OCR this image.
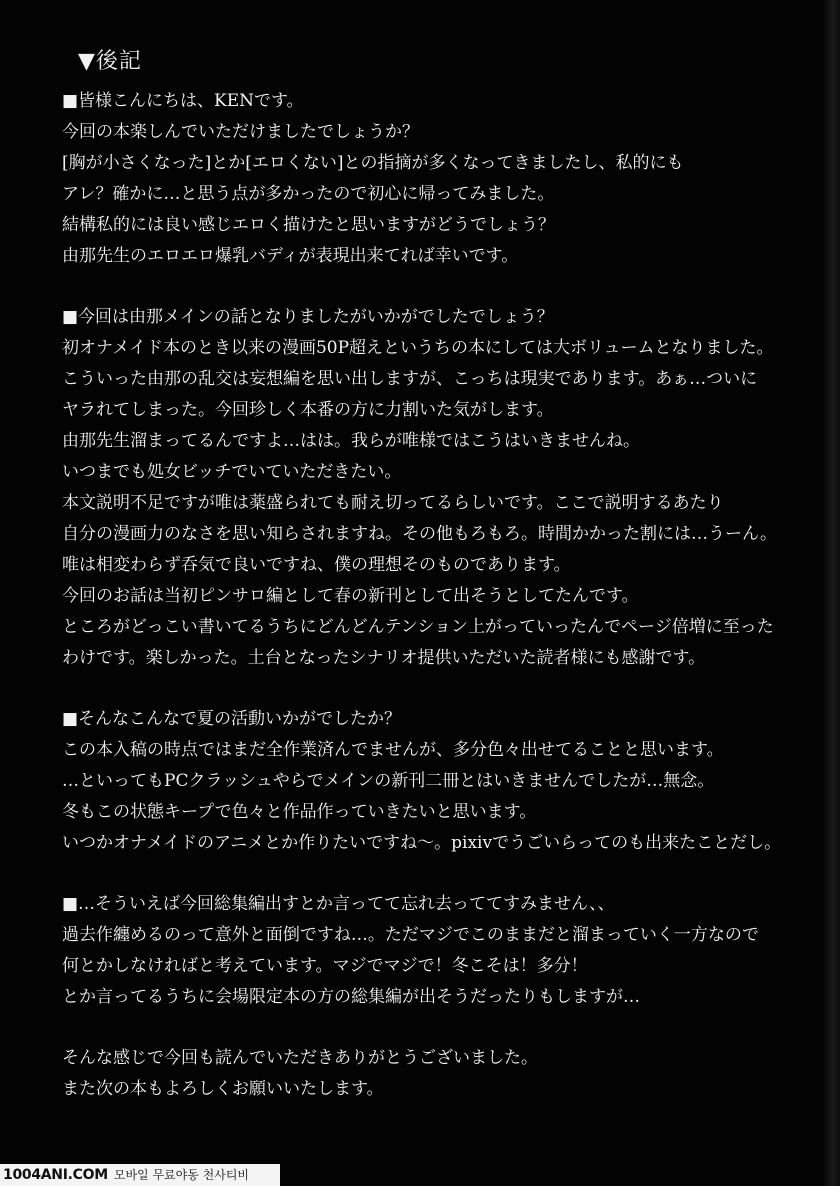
▼後記
■皆様こんにちは、KENです。
今回の本楽しんでいただけましたでしょうか？
[胸が小さくなった]とか[エロくない]との指摘が多くなってきましたし、私的にも
アレ？確かに…と思う点が多かったので初心に帰ってみました。
結構私的には良い感じエロく描けたと思いますがどうでしょう？
由那先生のエロエロ爆乳バディが表現出来てれば幸いです。
■今回は由那メインの話となりましたがいかがでしたでしょう？
初オナメイド本のとき以来の漫画50P超えというちの本にしては大ボリュームとなりました。
こういった由那の乱交は妄想編を思い出しますが、こっちは現実であります。あぁ…ついに
ヤラれてしまった。今回珍しく本番の方に力割いた気がします。
由那先生溜まってるんですよ…はは。我らが唯様ではこうはいきませんね。
いつまでも処女ビッチでいていただきたい。
本文説明不足ですが唯は薬盛られても耐え切ってるらしいです。ここで説明するあたり
自分の漫画力のなさを思い知らされますね。その他もろもろ。時間かかった割には…うーん。
唯は相変わらず呑気で良いですね、僕の理想そのものであります。
今回のお話は当初ピンサロ編として春の新刊として出そうとしてたんです。
ところがどっこい書いてるうちにどんどんテンション上がっていったんでページ倍増に至った
わけです。楽しかった。土台となったシナリオ提供いただいた読者様にも感謝です。
■そんなこんなで夏の活動いかがでしたか？
この本入稿の時点ではまだ全作業済んでませんが、多分色々出せてることと思います。
…といってもPCクラッシュやらでメインの新刊二冊とはいきませんでしたが…無念。
冬もこの状態キープで色々と作品作っていきたいと思います。
いつかオナメイドのアニメとか作りたいですね～。pixivでうごいらってのも出来たことだし。
■…そういえば今回総集編出すとか言ってて忘れ去っててすみません、、
過去作纏めるのって意外と面倒ですね…。ただマジでこのままだと溜まっていく一方なので
何とかしなければと考えています。マジでマジで！冬こそは！多分！
とか言ってるうちに会場限定本の方の総集編が出そうだったりもしますが…
そんな感じで今回も読んでいただきありがとうございました。
また次の本もよろしくお願いいたします。
1004ANI.COM 모바일 무료야동 천사티비
